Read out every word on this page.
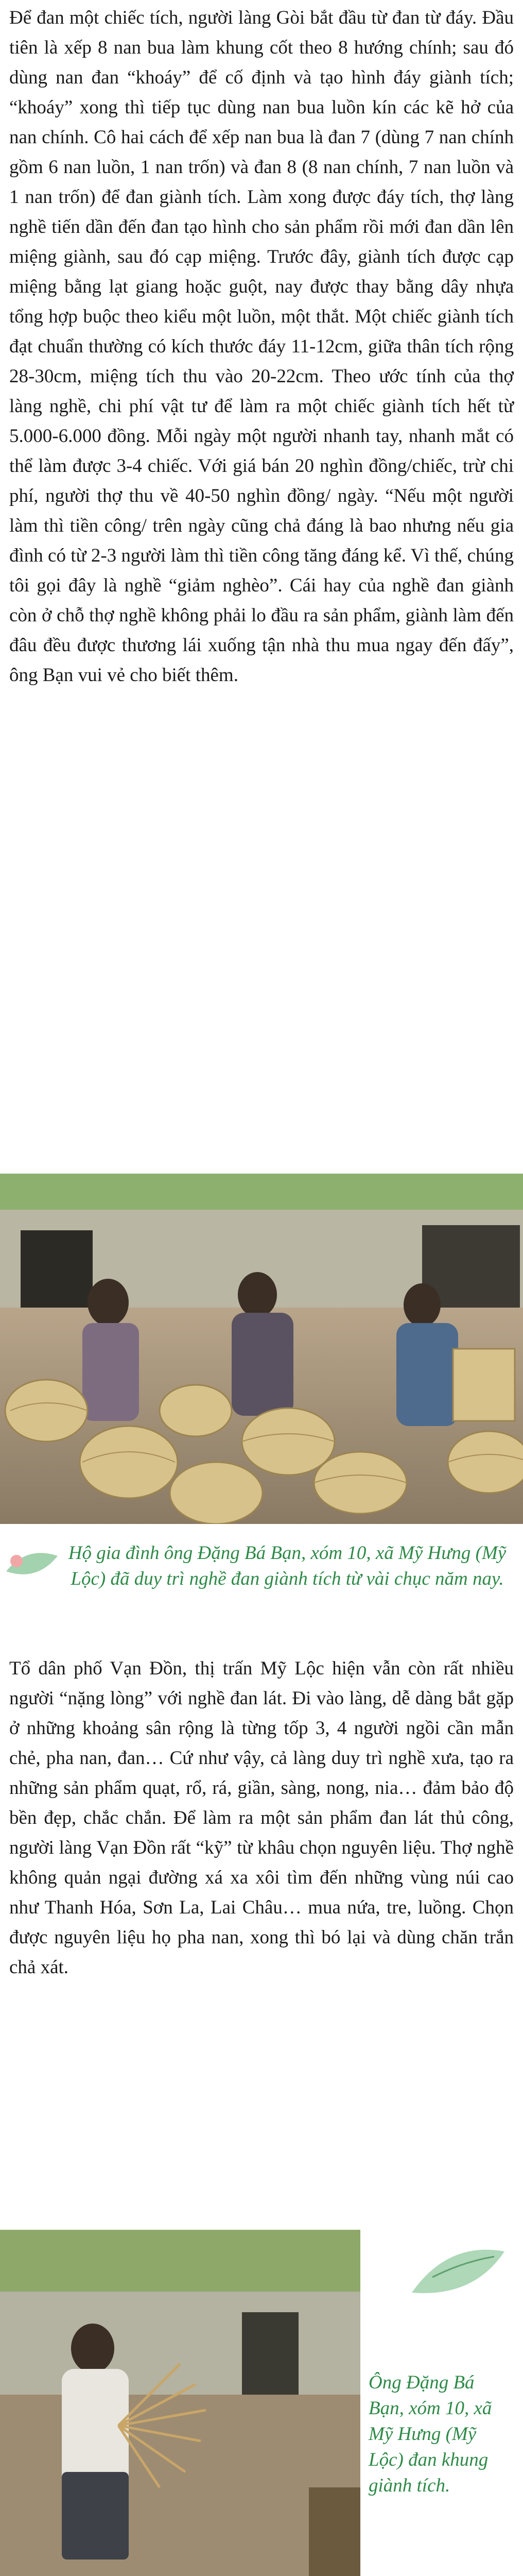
Để đan một chiếc tích, người làng Gòi bắt đầu từ đan từ đáy. Đầu tiên là xếp 8 nan bua làm khung cốt theo 8 hướng chính; sau đó dùng nan đan “khoáy” để cố định và tạo hình đáy giành tích; “khoáy” xong thì tiếp tục dùng nan bua luồn kín các kẽ hở của nan chính. Cô hai cách để xếp nan bua là đan 7 (dùng 7 nan chính gồm 6 nan luồn, 1 nan trốn) và đan 8 (8 nan chính, 7 nan luồn và 1 nan trốn) để đan giành tích. Làm xong được đáy tích, thợ làng nghề tiến dần đến đan tạo hình cho sản phẩm rồi mới đan dần lên miệng giành, sau đó cạp miệng. Trước đây, giành tích được cạp miệng bằng lạt giang hoặc guột, nay được thay bằng dây nhựa tổng hợp buộc theo kiểu một luồn, một thắt. Một chiếc giành tích đạt chuẩn thường có kích thước đáy 11-12cm, giữa thân tích rộng 28-30cm, miệng tích thu vào 20-22cm. Theo ước tính của thợ làng nghề, chi phí vật tư để làm ra một chiếc giành tích hết từ 5.000-6.000 đồng. Mỗi ngày một người nhanh tay, nhanh mắt có thể làm được 3-4 chiếc. Với giá bán 20 nghìn đồng/chiếc, trừ chi phí, người thợ thu về 40-50 nghìn đồng/ ngày. “Nếu một người làm thì tiền công/ trên ngày cũng chả đáng là bao nhưng nếu gia đình có từ 2-3 người làm thì tiền công tăng đáng kể. Vì thế, chúng tôi gọi đây là nghề “giảm nghèo”. Cái hay của nghề đan giành còn ở chỗ thợ nghề không phải lo đầu ra sản phẩm, giành làm đến đâu đều được thương lái xuống tận nhà thu mua ngay đến đấy”, ông Bạn vui vẻ cho biết thêm.

Hộ gia đình ông Đặng Bá Bạn, xóm 10, xã Mỹ Hưng (Mỹ Lộc) đã duy trì nghề đan giành tích từ vài chục năm nay.

Tổ dân phố Vạn Đồn, thị trấn Mỹ Lộc hiện vẫn còn rất nhiều người “nặng lòng” với nghề đan lát. Đi vào làng, dễ dàng bắt gặp ở những khoảng sân rộng là từng tốp 3, 4 người ngồi cần mẫn chẻ, pha nan, đan… Cứ như vậy, cả làng duy trì nghề xưa, tạo ra những sản phẩm quạt, rổ, rá, giần, sàng, nong, nia… đảm bảo độ bền đẹp, chắc chắn. Để làm ra một sản phẩm đan lát thủ công, người làng Vạn Đồn rất “kỹ” từ khâu chọn nguyên liệu. Thợ nghề không quản ngại đường xá xa xôi tìm đến những vùng núi cao như Thanh Hóa, Sơn La, Lai Châu… mua nứa, tre, luồng. Chọn được nguyên liệu họ pha nan, xong thì bó lại và dùng chăn trắn chả xát.

Ông Đặng Bá Bạn, xóm 10, xã Mỹ Hưng (Mỹ Lộc) đan khung giành tích.
